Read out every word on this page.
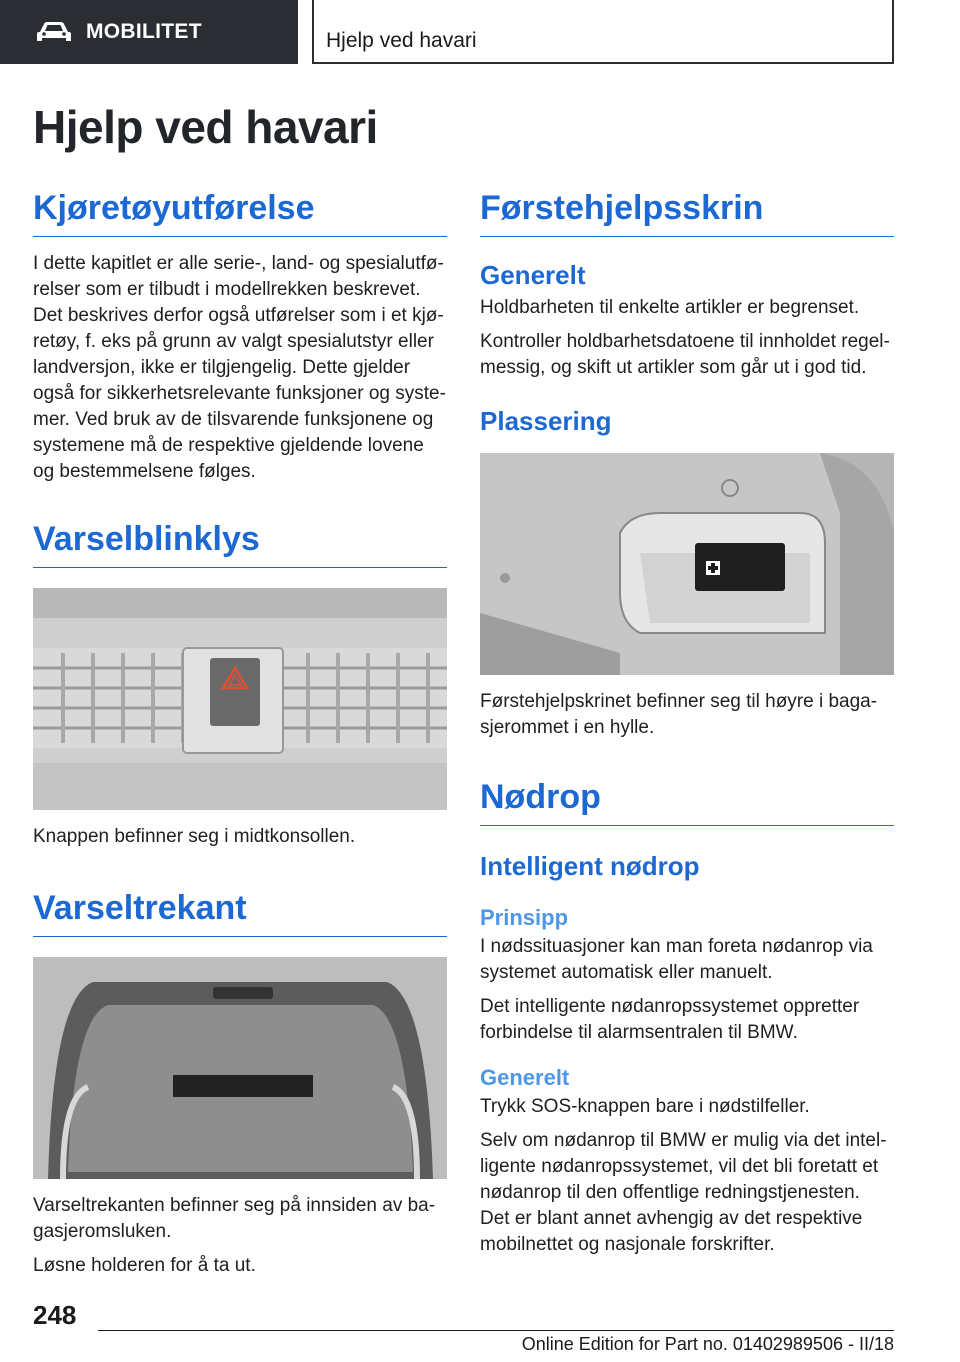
MOBILITET	Hjelp ved havari
Hjelp ved havari
Kjøretøyutførelse

I dette kapitlet er alle serie-, land- og spesialutførelser som er tilbudt i modellrekken beskrevet. Det beskrives derfor også utførelser som i et kjøretøy, f. eks på grunn av valgt spesialutstyr eller landversjon, ikke er tilgjengelig. Dette gjelder også for sikkerhetsrelevante funksjoner og systemer. Ved bruk av de tilsvarende funksjonene og systemene må de respektive gjeldende lovene og bestemmelsene følges.

Varselblinklys

Knappen befinner seg i midtkonsollen.

Varseltrekant

Varseltrekanten befinner seg på innsiden av bagasjeromsluken.

Løsne holderen for å ta ut.

Førstehjelpsskrin
Generelt

Holdbarheten til enkelte artikler er begrenset.

Kontroller holdbarhetsdatoene til innholdet regelmessig, og skift ut artikler som går ut i god tid.

Plassering

Førstehjelpskrinet befinner seg til høyre i bagasjerommet i en hylle.

Nødrop
Intelligent nødrop
Prinsipp

I nødssituasjoner kan man foreta nødanrop via systemet automatisk eller manuelt.

Det intelligente nødanropssystemet oppretter forbindelse til alarmsentralen til BMW.

Generelt

Trykk SOS-knappen bare i nødstilfeller.

Selv om nødanrop til BMW er mulig via det intelligente nødanropssystemet, vil det bli foretatt et nødanrop til den offentlige redningstjenesten. Det er blant annet avhengig av det respektive mobilnettet og nasjonale forskrifter.

248
Online Edition for Part no. 01402989506 - II/18
